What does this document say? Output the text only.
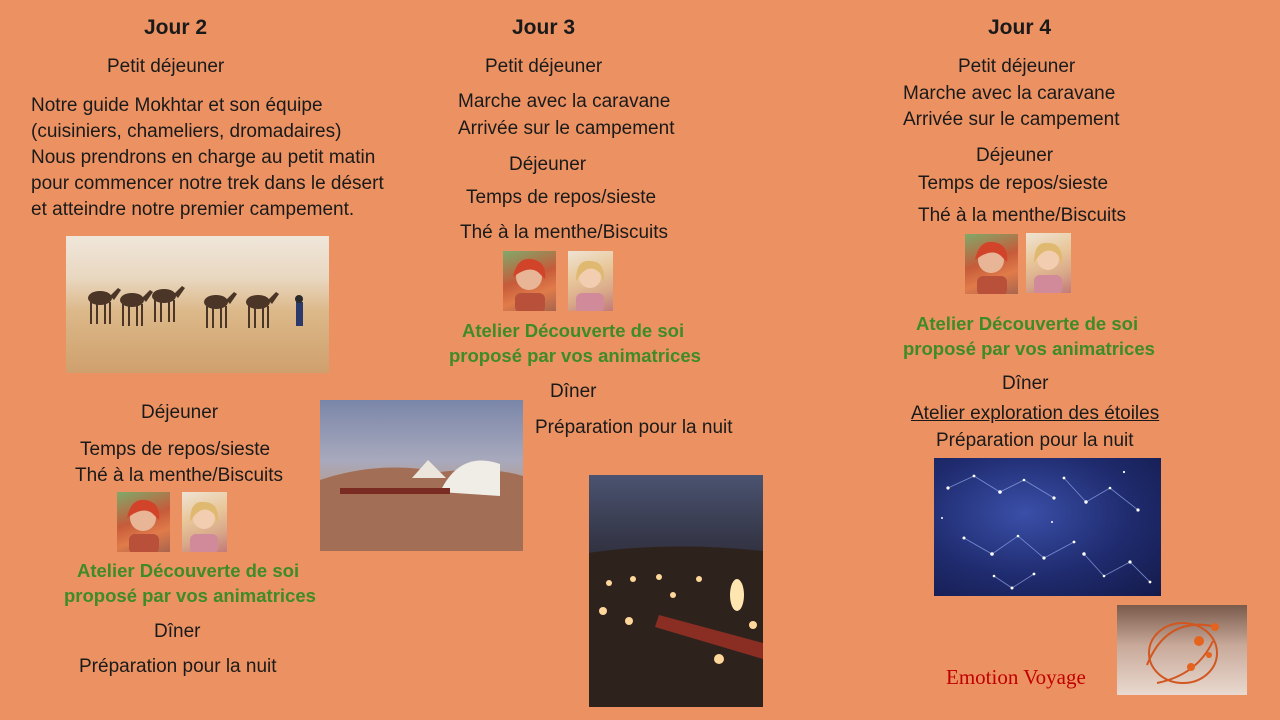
Jour 2
Petit déjeuner
Notre guide Mokhtar et son équipe
(cuisiniers, chameliers, dromadaires)
Nous prendrons en charge au petit matin
pour commencer notre trek dans le désert
et atteindre notre premier campement.
Déjeuner
Temps de repos/sieste
Thé à la menthe/Biscuits
Atelier Découverte de soi
proposé par vos animatrices
Dîner
Préparation pour la nuit
Jour 3
Petit déjeuner
Marche avec la caravane
Arrivée sur le campement
Déjeuner
Temps de repos/sieste
Thé à la menthe/Biscuits
Atelier Découverte de soi
proposé par vos animatrices
Dîner
Préparation pour la nuit
Jour 4
Petit déjeuner
Marche avec la caravane
Arrivée sur le campement
Déjeuner
Temps de repos/sieste
Thé à la menthe/Biscuits
Atelier Découverte de soi
proposé par vos animatrices
Dîner
Atelier exploration des étoiles
Préparation pour la nuit
Emotion Voyage
